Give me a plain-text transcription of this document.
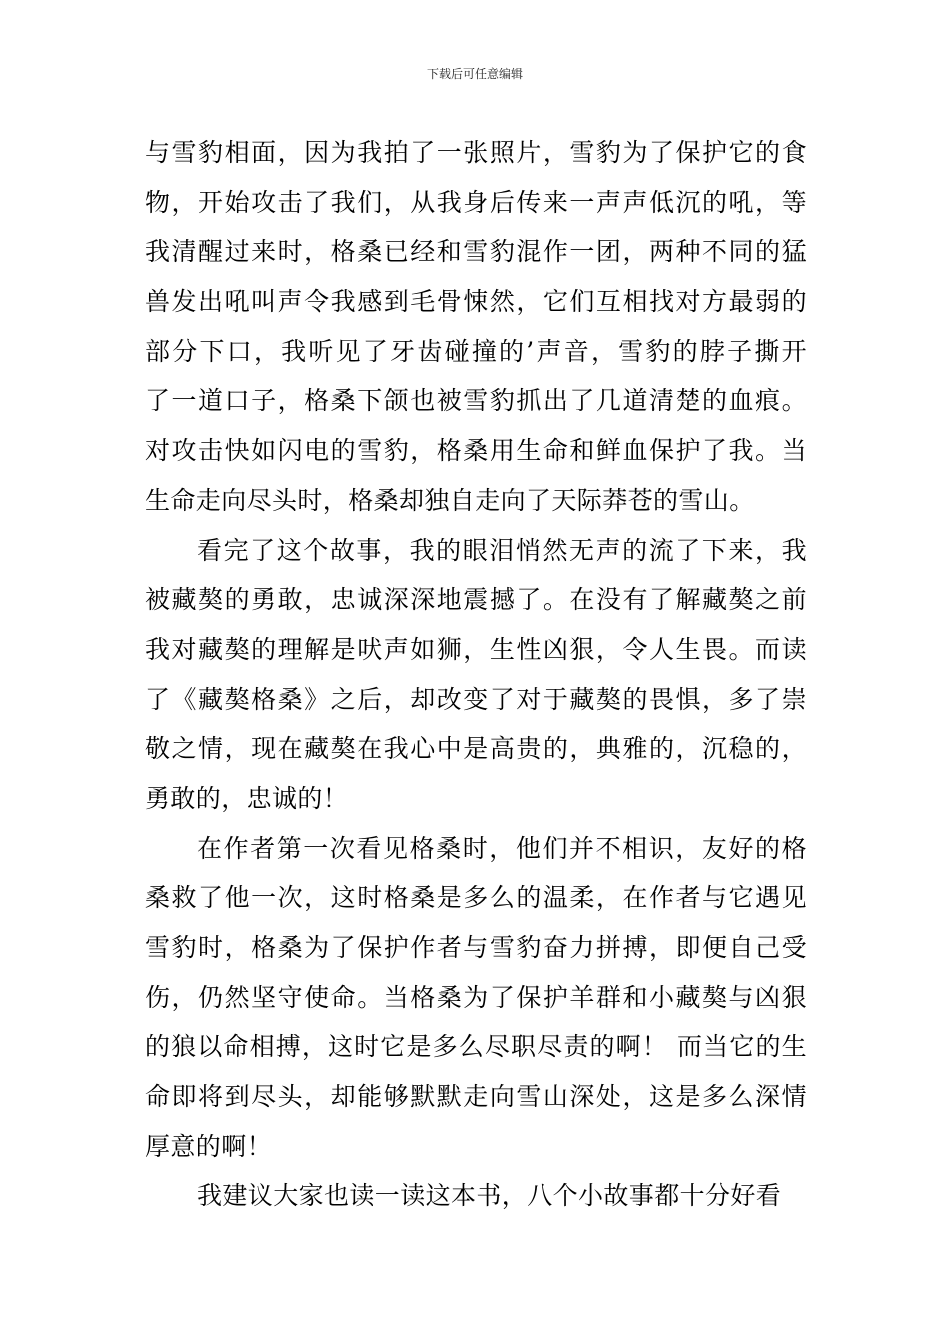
下载后可任意编辑
与雪豹相面，因为我拍了一张照片，雪豹为了保护它的食
物，开始攻击了我们，从我身后传来一声声低沉的吼，等
我清醒过来时，格桑已经和雪豹混作一团，两种不同的猛
兽发出吼叫声令我感到毛骨悚然，它们互相找对方最弱的
部分下口，我听见了牙齿碰撞的’声音，雪豹的脖子撕开
了一道口子，格桑下颌也被雪豹抓出了几道清楚的血痕。
对攻击快如闪电的雪豹，格桑用生命和鲜血保护了我。当
生命走向尽头时，格桑却独自走向了天际莽苍的雪山。
看完了这个故事，我的眼泪悄然无声的流了下来，我
被藏獒的勇敢，忠诚深深地震撼了。在没有了解藏獒之前
我对藏獒的理解是吠声如狮，生性凶狠，令人生畏。而读
了《藏獒格桑》之后，却改变了对于藏獒的畏惧，多了崇
敬之情，现在藏獒在我心中是高贵的，典雅的，沉稳的，
勇敢的，忠诚的！
在作者第一次看见格桑时，他们并不相识，友好的格
桑救了他一次，这时格桑是多么的温柔，在作者与它遇见
雪豹时，格桑为了保护作者与雪豹奋力拼搏，即便自己受
伤，仍然坚守使命。当格桑为了保护羊群和小藏獒与凶狠
的狼以命相搏，这时它是多么尽职尽责的啊！ 而当它的生
命即将到尽头，却能够默默走向雪山深处，这是多么深情
厚意的啊！
我建议大家也读一读这本书，八个小故事都十分好看
